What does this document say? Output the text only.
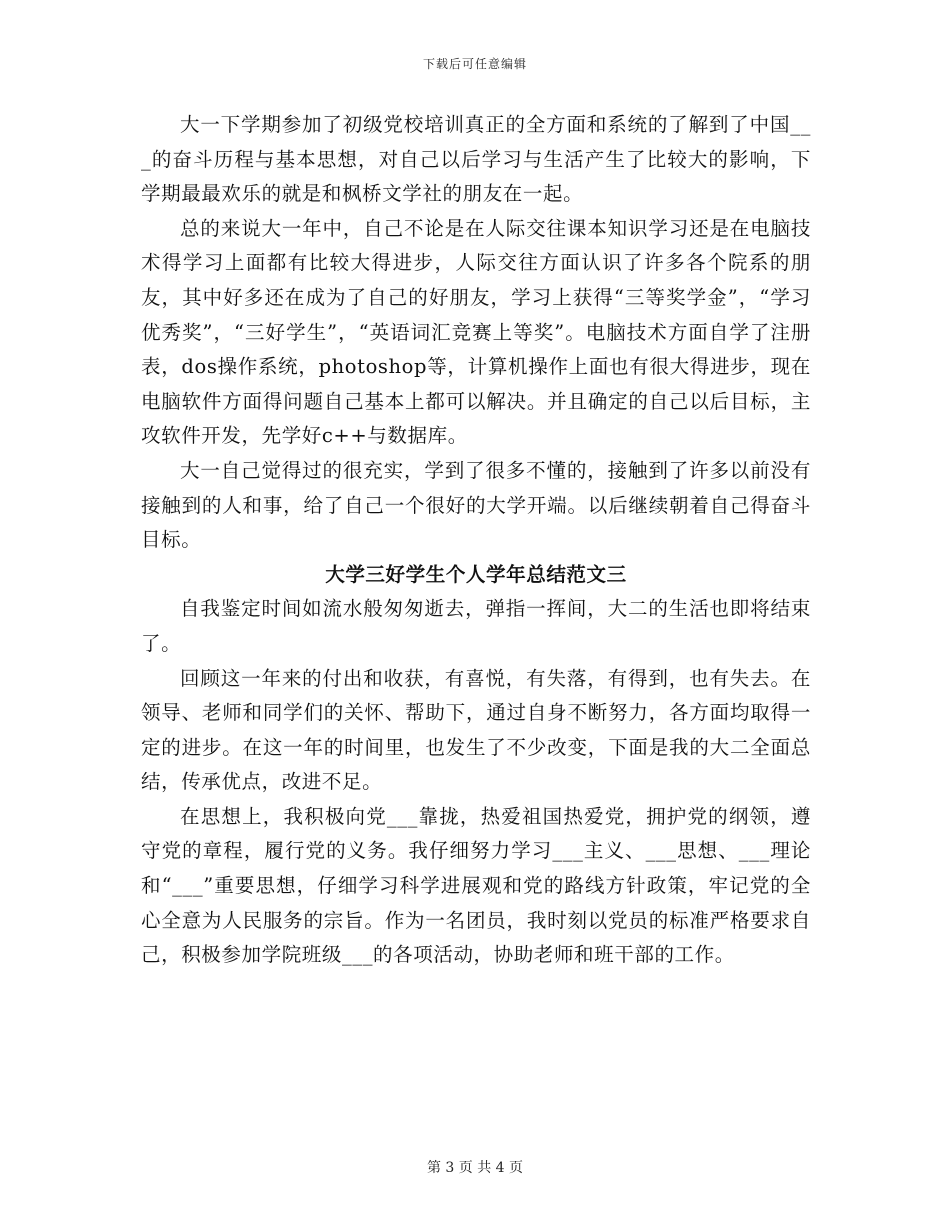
下载后可任意编辑

大一下学期参加了初级党校培训真正的全方面和系统的了解到了中国___的奋斗历程与基本思想，对自己以后学习与生活产生了比较大的影响，下学期最最欢乐的就是和枫桥文学社的朋友在一起。

总的来说大一年中，自己不论是在人际交往课本知识学习还是在电脑技术得学习上面都有比较大得进步，人际交往方面认识了许多各个院系的朋友，其中好多还在成为了自己的好朋友，学习上获得“三等奖学金”，“学习优秀奖”，“三好学生”，“英语词汇竞赛上等奖”。电脑技术方面自学了注册表，dos操作系统，photoshop等，计算机操作上面也有很大得进步，现在电脑软件方面得问题自己基本上都可以解决。并且确定的自己以后目标，主攻软件开发，先学好c++与数据库。

大一自己觉得过的很充实，学到了很多不懂的，接触到了许多以前没有接触到的人和事，给了自己一个很好的大学开端。以后继续朝着自己得奋斗目标。

大学三好学生个人学年总结范文三

自我鉴定时间如流水般匆匆逝去，弹指一挥间，大二的生活也即将结束了。

回顾这一年来的付出和收获，有喜悦，有失落，有得到，也有失去。在领导、老师和同学们的关怀、帮助下，通过自身不断努力，各方面均取得一定的进步。在这一年的时间里，也发生了不少改变，下面是我的大二全面总结，传承优点，改进不足。

在思想上，我积极向党___靠拢，热爱祖国热爱党，拥护党的纲领，遵守党的章程，履行党的义务。我仔细努力学习___主义、___思想、___理论和“___”重要思想，仔细学习科学进展观和党的路线方针政策，牢记党的全心全意为人民服务的宗旨。作为一名团员，我时刻以党员的标准严格要求自己，积极参加学院班级___的各项活动，协助老师和班干部的工作。

第 3 页 共 4 页
